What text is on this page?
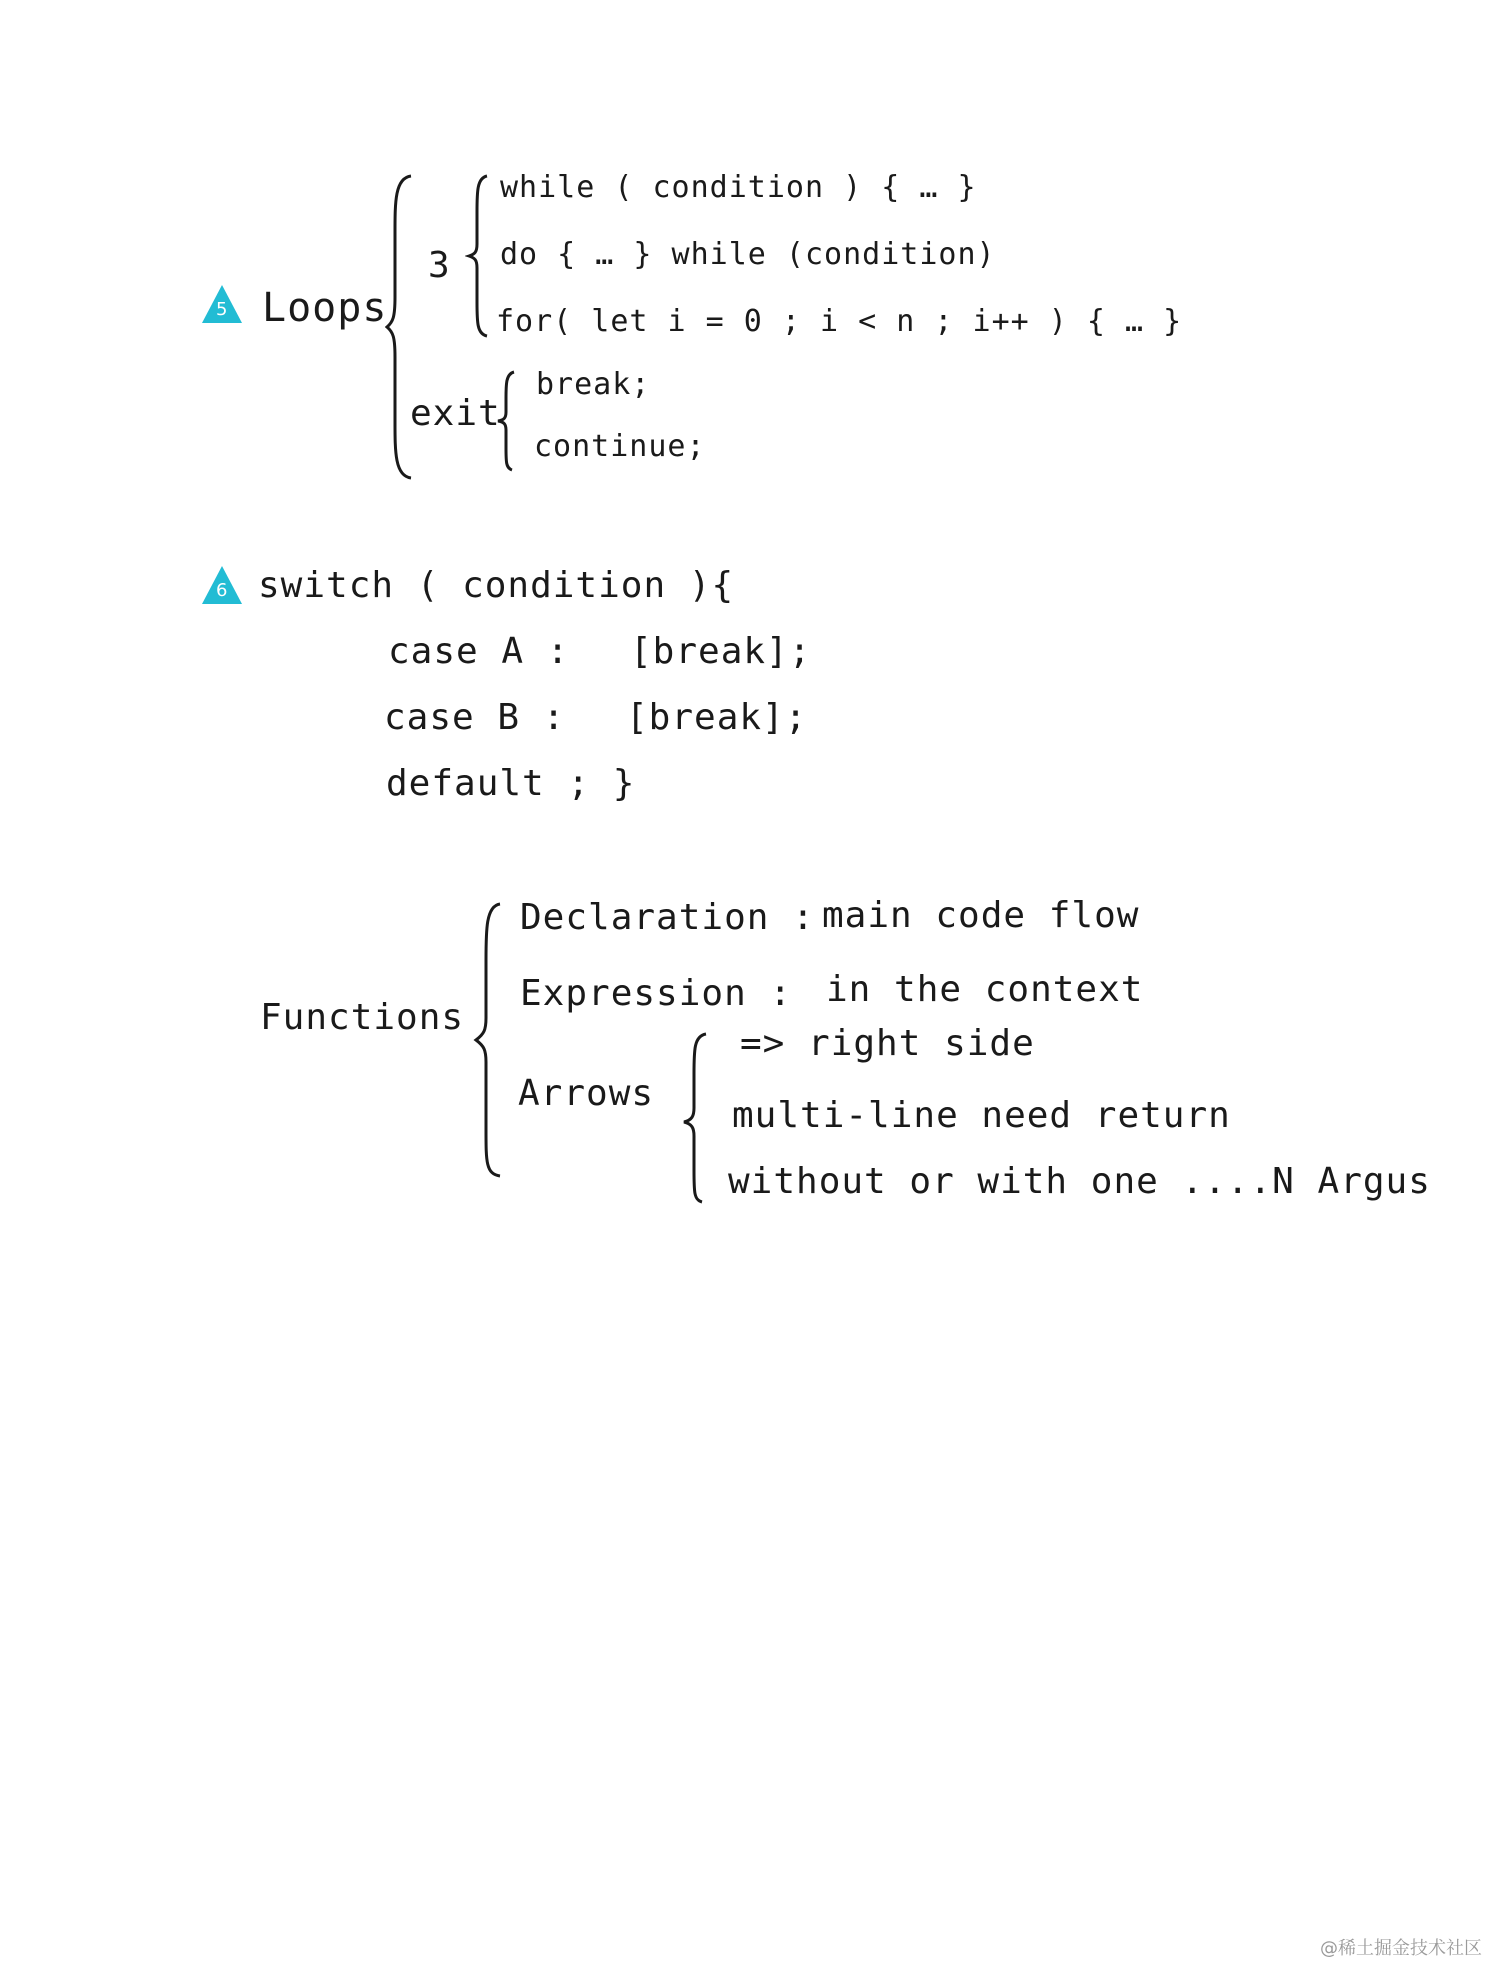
5 Loops
3
while ( condition ) { … }
do { … } while (condition)
for( let i = 0 ; i < n ; i++ ) { … }
exit
break;
continue;
6 switch ( condition ){
case A : [break];
case B : [break];
default ; }
Functions
Declaration : main code flow
Expression : in the context
Arrows
=> right side
multi-line need return
without or with one ....N Argus
@稀土掘金技术社区
